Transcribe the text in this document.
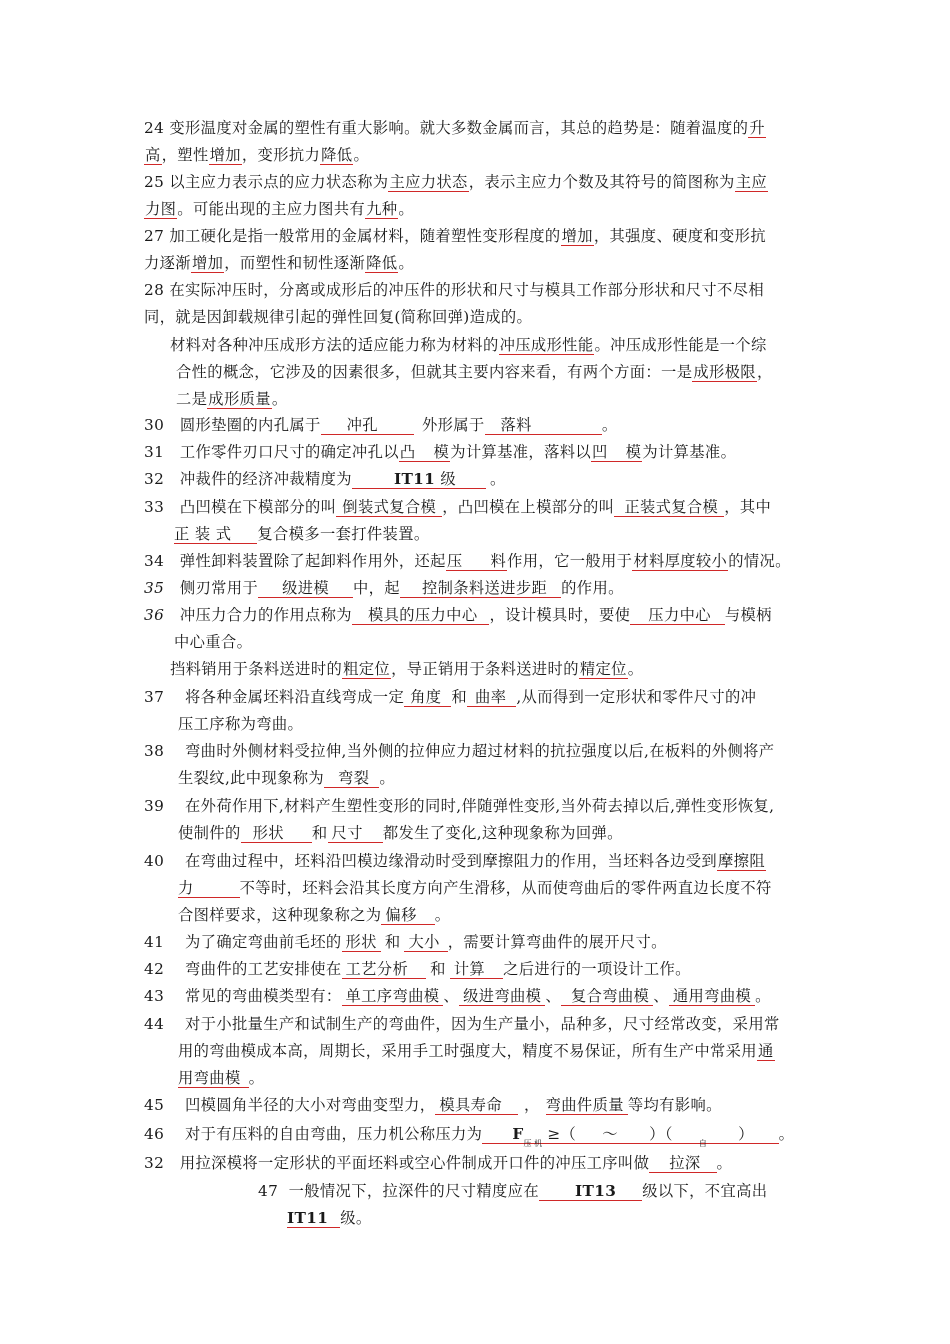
24 变形温度对金属的塑性有重大影响。就大多数金属而言，其总的趋势是：随着温度的升
高，塑性增加，变形抗力降低。
25 以主应力表示点的应力状态称为主应力状态，表示主应力个数及其符号的简图称为主应
力图。可能出现的主应力图共有九种。
27 加工硬化是指一般常用的金属材料，随着塑性变形程度的增加，其强度、硬度和变形抗
力逐渐增加，而塑性和韧性逐渐降低。
28 在实际冲压时，分离或成形后的冲压件的形状和尺寸与模具工作部分形状和尺寸不尽相
同，就是因卸载规律引起的弹性回复(简称回弹)造成的。
材料对各种冲压成形方法的适应能力称为材料的冲压成形性能。冲压成形性能是一个综
合性的概念，它涉及的因素很多，但就其主要内容来看，有两个方面：一是成形极限，
二是成形质量。
30 圆形垫圈的内孔属于 冲孔	外形属于 落料	。
31 工作零件刃口尺寸的确定冲孔以凸 模为计算基准，落料以凹 模为计算基准。
32 冲裁件的经济冲裁精度为	IT11 级 。
33 凸凹模在下模部分的叫 倒装式复合模 ，凸凹模在上模部分的叫 正装式复合模 ，其中
正 装 式 复合模多一套打件装置。
34 弹性卸料装置除了起卸料作用外，还起压 料作用，它一般用于材料厚度较小的情况。
35 侧刃常用于 级进模 中，起 控制条料送进步距 的作用。
36 冲压力合力的作用点称为 模具的压力中心 ，设计模具时，要使 压力中心 与模柄
中心重合。
挡料销用于条料送进时的粗定位，导正销用于条料送进时的精定位。
37 将各种金属坯料沿直线弯成一定 角度 和 曲率 ,从而得到一定形状和零件尺寸的冲
压工序称为弯曲。
38 弯曲时外侧材料受拉伸,当外侧的拉伸应力超过材料的抗拉强度以后,在板料的外侧将产
生裂纹,此中现象称为 弯裂 。
39 在外荷作用下,材料产生塑性变形的同时,伴随弹性变形,当外荷去掉以后,弹性变形恢复,
使制件的 形状 和 尺寸 都发生了变化,这种现象称为回弹。
40 在弯曲过程中，坯料沿凹模边缘滑动时受到摩擦阻力的作用，当坯料各边受到摩擦阻
力	不等时，坯料会沿其长度方向产生滑移，从而使弯曲后的零件两直边长度不符
合图样要求，这种现象称之为 偏移 。
41 为了确定弯曲前毛坯的 形状 和 大小 ，需要计算弯曲件的展开尺寸。
42 弯曲件的工艺安排使在 工艺分析 和 计算 之后进行的一项设计工作。
43 常见的弯曲模类型有： 单工序弯曲模 、 级进弯曲模 、 复合弯曲模 、 通用弯曲模 。
44 对于小批量生产和试制生产的弯曲件，因为生产量小，品种多，尺寸经常改变，采用常
用的弯曲模成本高，周期长，采用手工时强度大，精度不易保证，所有生产中常采用通
用弯曲模 。
45 凹模圆角半径的大小对弯曲变型力， 模具寿命 ， 弯曲件质量 等均有影响。
46 对于有压料的自由弯曲，压力机公称压力为 $F_{压 机}$ ≥（ ～ ）（     $_自$      ） 。
32 用拉深模将一定形状的平面坯料或空心件制成开口件的冲压工序叫做 拉深 。
47 一般情况下，拉深件的尺寸精度应在 IT13 级以下，不宜高出
IT11 级。
